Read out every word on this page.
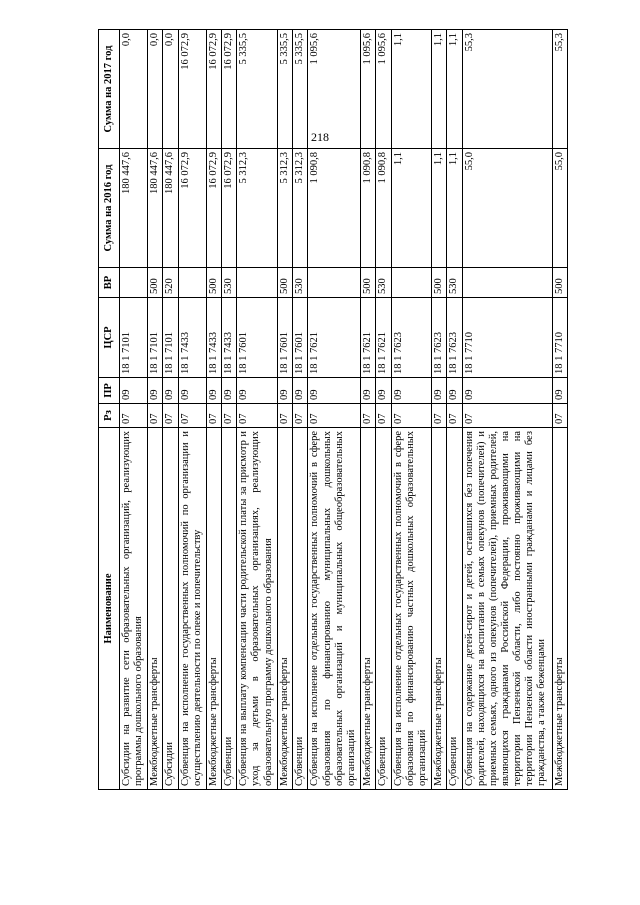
218
Наименование	Рз	ПР	ЦСР	ВР	Сумма на 2016 год	Сумма на 2017 год
Субсидии на развитие сети образовательных организаций, реализующих программы дошкольного образования	07	09	18 1 7101		180 447,6	0,0
Межбюджетные трансферты	07	09	18 1 7101	500	180 447,6	0,0
Субсидии	07	09	18 1 7101	520	180 447,6	0,0
Субвенция на исполнение государственных полномочий по организации и осуществлению деятельности по опеке и попечительству	07	09	18 1 7433		16 072,9	16 072,9
Межбюджетные трансферты	07	09	18 1 7433	500	16 072,9	16 072,9
Субвенции	07	09	18 1 7433	530	16 072,9	16 072,9
Субвенция на выплату компенсации части родительской платы за присмотр и уход за детьми в образовательных организациях, реализующих образовательную программу дошкольного образования	07	09	18 1 7601		5 312,3	5 335,5
Межбюджетные трансферты	07	09	18 1 7601	500	5 312,3	5 335,5
Субвенции	07	09	18 1 7601	530	5 312,3	5 335,5
Субвенция на исполнение отдельных государственных полномочий в сфере образования по финансированию муниципальных дошкольных образовательных организаций и муниципальных общеобразовательных организаций	07	09	18 1 7621		1 090,8	1 095,6
Межбюджетные трансферты	07	09	18 1 7621	500	1 090,8	1 095,6
Субвенции	07	09	18 1 7621	530	1 090,8	1 095,6
Субвенция на исполнение отдельных государственных полномочий в сфере образования по финансированию частных дошкольных образовательных организаций	07	09	18 1 7623		1,1	1,1
Межбюджетные трансферты	07	09	18 1 7623	500	1,1	1,1
Субвенции	07	09	18 1 7623	530	1,1	1,1
Субвенция на содержание детей-сирот и детей, оставшихся без попечения родителей, находящихся на воспитании в семьях опекунов (попечителей) и приемных семьях, одного из опекунов (попечителей), приемных родителей, являющихся гражданами Российской Федерации, проживающими на территории Пензенской области, либо постоянно проживающими на территории Пензенской области иностранными гражданами и лицами без гражданства, а также беженцами	07	09	18 1 7710		55,0	55,3
Межбюджетные трансферты	07	09	18 1 7710	500	55,0	55,3
